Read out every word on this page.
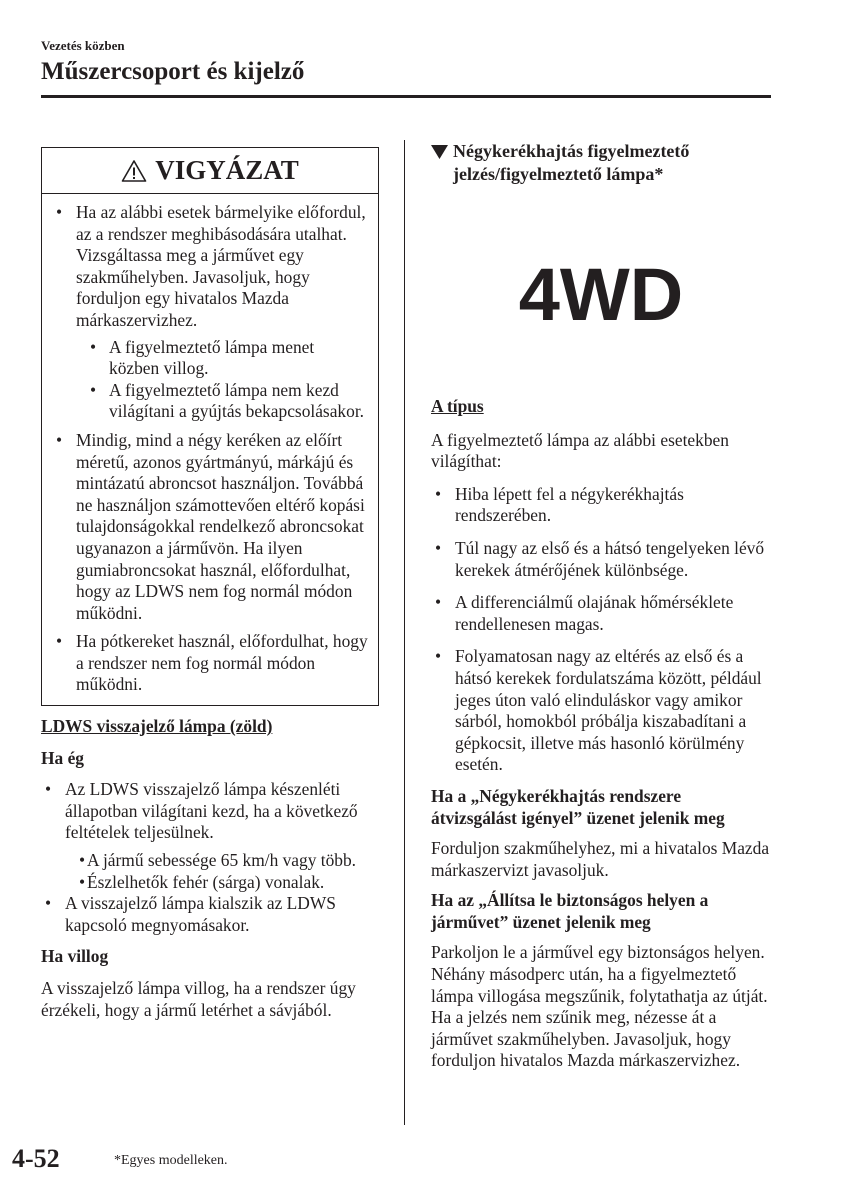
Vezetés közben
Műszercsoport és kijelző
VIGYÁZAT
• Ha az alábbi esetek bármelyike előfordul, az a rendszer meghibásodására utalhat. Vizsgáltassa meg a járművet egy szakműhelyben. Javasoljuk, hogy forduljon egy hivatalos Mazda márkaszervizhez.
• A figyelmeztető lámpa menet közben villog.
• A figyelmeztető lámpa nem kezd világítani a gyújtás bekapcsolásakor.
• Mindig, mind a négy keréken az előírt méretű, azonos gyártmányú, márkájú és mintázatú abroncsot használjon. Továbbá ne használjon számottevően eltérő kopási tulajdonságokkal rendelkező abroncsokat ugyanazon a járművön. Ha ilyen gumiabroncsokat használ, előfordulhat, hogy az LDWS nem fog normál módon működni.
• Ha pótkereket használ, előfordulhat, hogy a rendszer nem fog normál módon működni.

LDWS visszajelző lámpa (zöld)

Ha ég

• Az LDWS visszajelző lámpa készenléti állapotban világítani kezd, ha a következő feltételek teljesülnek.
• A jármű sebessége 65 km/h vagy több.
• Észlelhetők fehér (sárga) vonalak.
• A visszajelző lámpa kialszik az LDWS kapcsoló megnyomásakor.

Ha villog

A visszajelző lámpa villog, ha a rendszer úgy érzékeli, hogy a jármű letérhet a sávjából.

Négykerékhajtás figyelmeztető jelzés/figyelmeztető lámpa*

4WD

A típus

A figyelmeztető lámpa az alábbi esetekben világíthat:

• Hiba lépett fel a négykerékhajtás rendszerében.
• Túl nagy az első és a hátsó tengelyeken lévő kerekek átmérőjének különbsége.
• A differenciálmű olajának hőmérséklete rendellenesen magas.
• Folyamatosan nagy az eltérés az első és a hátsó kerekek fordulatszáma között, például jeges úton való elinduláskor vagy amikor sárból, homokból próbálja kiszabadítani a gépkocsit, illetve más hasonló körülmény esetén.

Ha a „Négykerékhajtás rendszere átvizsgálást igényel” üzenet jelenik meg

Forduljon szakműhelyhez, mi a hivatalos Mazda márkaszervizt javasoljuk.

Ha az „Állítsa le biztonságos helyen a járművet” üzenet jelenik meg

Parkoljon le a járművel egy biztonságos helyen. Néhány másodperc után, ha a figyelmeztető lámpa villogása megszűnik, folytathatja az útját. Ha a jelzés nem szűnik meg, nézesse át a járművet szakműhelyben. Javasoljuk, hogy forduljon hivatalos Mazda márkaszervizhez.

4-52	*Egyes modelleken.
